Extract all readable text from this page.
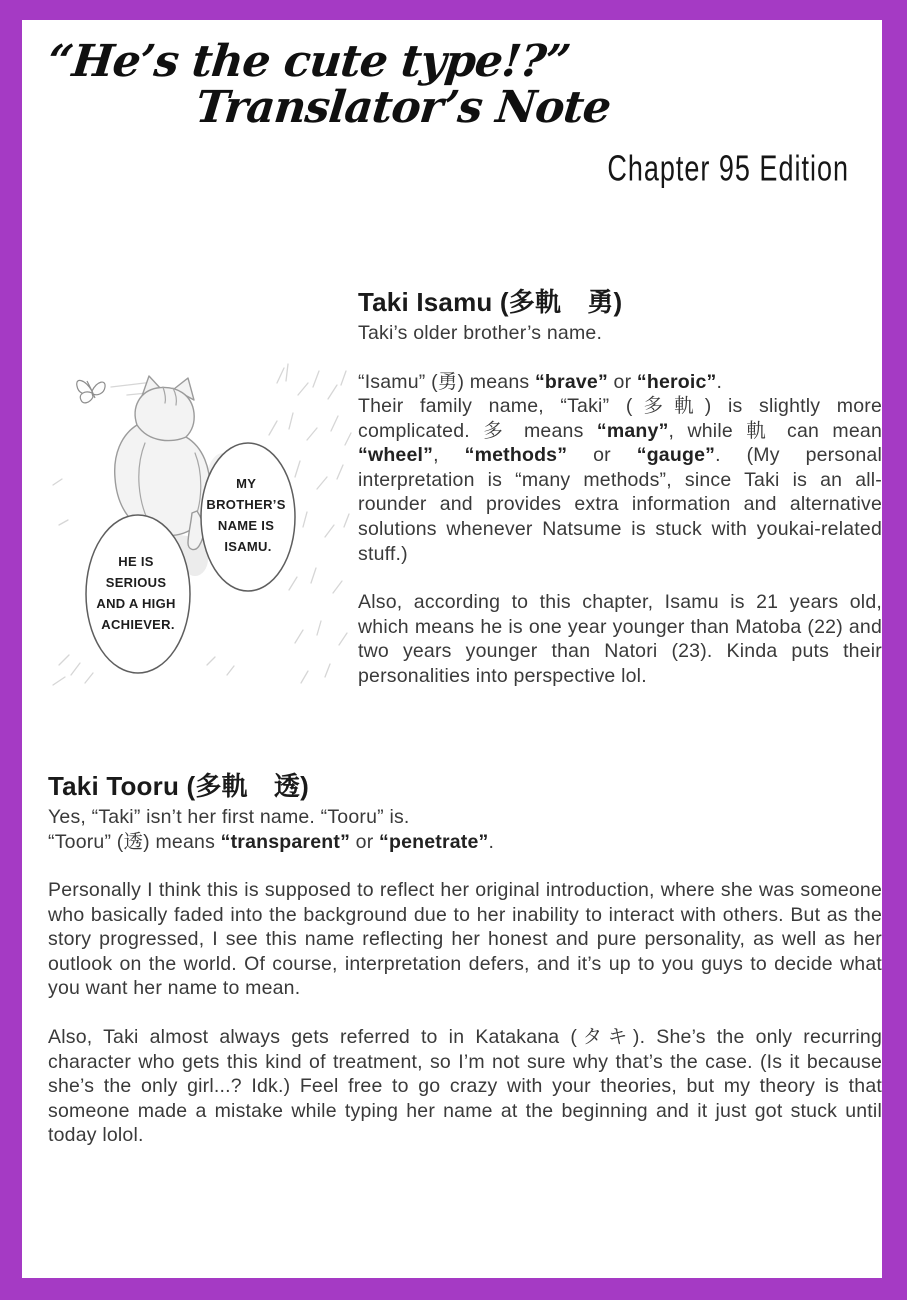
“He’s the cute type!?”
Translator’s Note
Chapter 95 Edition
MY BROTHER’S NAME IS ISAMU.
HE IS SERIOUS AND A HIGH ACHIEVER.
Taki Isamu (多軌　勇)
Taki’s older brother’s name.
“Isamu” (勇) means “brave” or “heroic”.
Their family name, “Taki” (多軌) is slightly more complicated. 多 means “many”, while 軌 can mean “wheel”, “methods” or “gauge”. (My personal interpretation is “many methods”, since Taki is an all-rounder and provides extra information and alternative solutions whenever Natsume is stuck with youkai-related stuff.)
Also, according to this chapter, Isamu is 21 years old, which means he is one year younger than Matoba (22) and two years younger than Natori (23). Kinda puts their personalities into perspective lol.
Taki Tooru (多軌　透)
Yes, “Taki” isn’t her first name. “Tooru” is.
“Tooru” (透) means “transparent” or “penetrate”.
Personally I think this is supposed to reflect her original introduction, where she was someone who basically faded into the background due to her inability to interact with others. But as the story progressed, I see this name reflecting her honest and pure personality, as well as her outlook on the world. Of course, interpretation defers, and it’s up to you guys to decide what you want her name to mean.
Also, Taki almost always gets referred to in Katakana (タキ). She’s the only recurring character who gets this kind of treatment, so I’m not sure why that’s the case. (Is it because she’s the only girl...? Idk.) Feel free to go crazy with your theories, but my theory is that someone made a mistake while typing her name at the beginning and it just got stuck until today lolol.
